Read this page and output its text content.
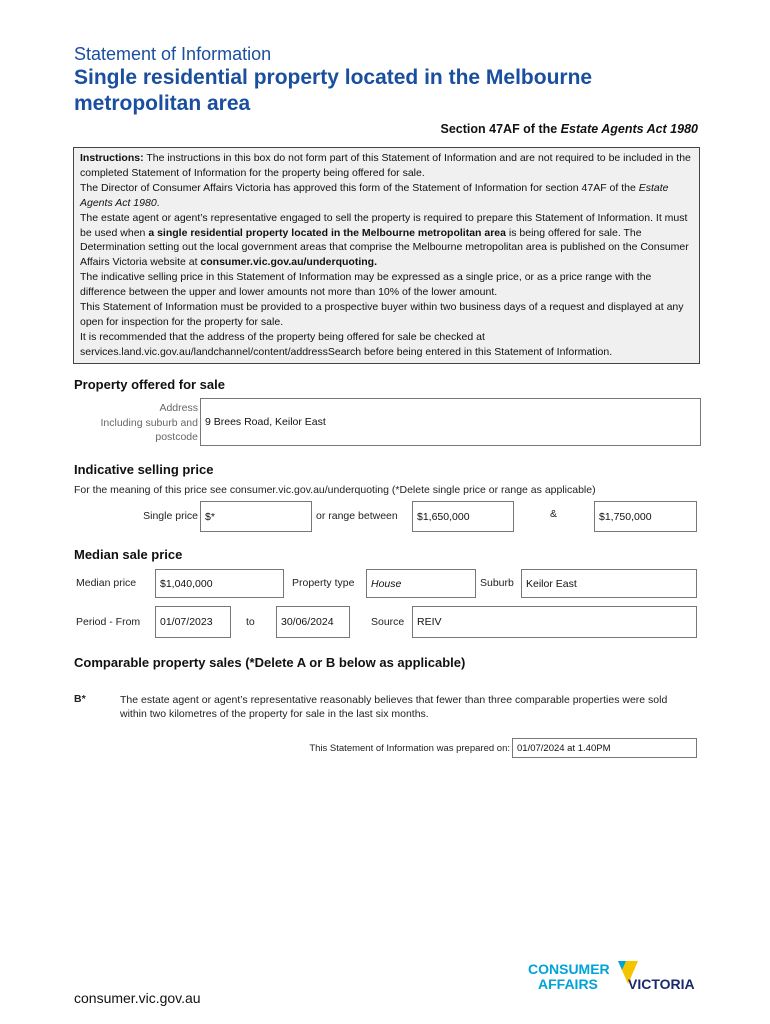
Statement of Information
Single residential property located in the Melbourne metropolitan area
Section 47AF of the Estate Agents Act 1980

Instructions: The instructions in this box do not form part of this Statement of Information and are not required to be included in the completed Statement of Information for the property being offered for sale.

The Director of Consumer Affairs Victoria has approved this form of the Statement of Information for section 47AF of the Estate Agents Act 1980.

The estate agent or agent’s representative engaged to sell the property is required to prepare this Statement of Information. It must be used when a single residential property located in the Melbourne metropolitan area is being offered for sale. The Determination setting out the local government areas that comprise the Melbourne metropolitan area is published on the Consumer Affairs Victoria website at consumer.vic.gov.au/underquoting.

The indicative selling price in this Statement of Information may be expressed as a single price, or as a price range with the difference between the upper and lower amounts not more than 10% of the lower amount.

This Statement of Information must be provided to a prospective buyer within two business days of a request and displayed at any open for inspection for the property for sale.

It is recommended that the address of the property being offered for sale be checked at services.land.vic.gov.au/landchannel/content/addressSearch before being entered in this Statement of Information.

Property offered for sale
Address
Including suburb and
postcode
9 Brees Road, Keilor East
Indicative selling price
For the meaning of this price see consumer.vic.gov.au/underquoting (*Delete single price or range as applicable)
Single price $*	or range between	$1,650,000	&	$1,750,000
Median sale price
Median price	$1,040,000	Property type	House	Suburb	Keilor East
Period - From	01/07/2023	to	30/06/2024	Source	REIV
Comparable property sales (*Delete A or B below as applicable)
B*	The estate agent or agent’s representative reasonably believes that fewer than three comparable properties were sold within two kilometres of the property for sale in the last six months.
This Statement of Information was prepared on: 01/07/2024 at 1.40PM
consumer.vic.gov.au
CONSUMER
AFFAIRS VICTORIA
